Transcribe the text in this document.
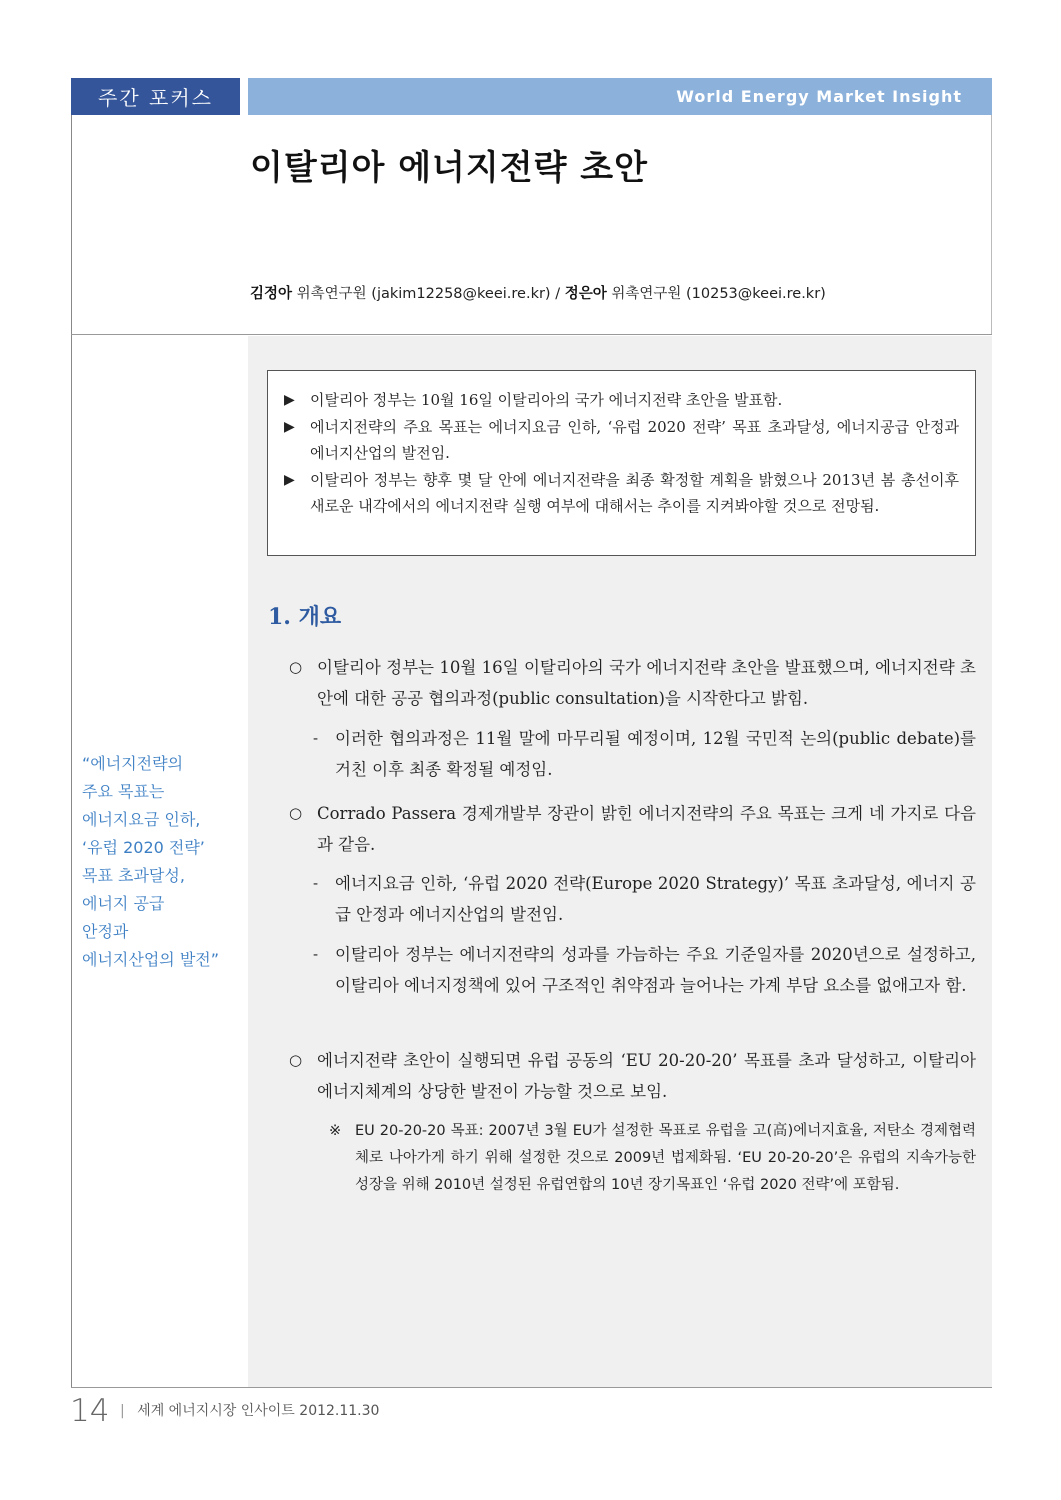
주간 포커스	World Energy Market Insight
이탈리아 에너지전략 초안
김정아 위촉연구원 (jakim12258@keei.re.kr) / 정은아 위촉연구원 (10253@keei.re.kr)
▶	이탈리아 정부는 10월 16일 이탈리아의 국가 에너지전략 초안을 발표함.
▶	에너지전략의 주요 목표는 에너지요금 인하, ‘유럽 2020 전략’ 목표 초과달성, 에너지공급 안정과 에너지산업의 발전임.
▶	이탈리아 정부는 향후 몇 달 안에 에너지전략을 최종 확정할 계획을 밝혔으나 2013년 봄 총선이후 새로운 내각에서의 에너지전략 실행 여부에 대해서는 추이를 지켜봐야할 것으로 전망됨.
“에너지전략의
주요 목표는
에너지요금 인하,
‘유럽 2020 전략’
목표 초과달성,
에너지 공급
안정과
에너지산업의 발전”
1. 개요
○ 이탈리아 정부는 10월 16일 이탈리아의 국가 에너지전략 초안을 발표했으며, 에너지전략 초안에 대한 공공 협의과정(public consultation)을 시작한다고 밝힘.
-	이러한 협의과정은 11월 말에 마무리될 예정이며, 12월 국민적 논의(public debate)를 거친 이후 최종 확정될 예정임.
○ Corrado Passera 경제개발부 장관이 밝힌 에너지전략의 주요 목표는 크게 네 가지로 다음과 같음.
-	에너지요금 인하, ‘유럽 2020 전략(Europe 2020 Strategy)’ 목표 초과달성, 에너지 공급 안정과 에너지산업의 발전임.
-	이탈리아 정부는 에너지전략의 성과를 가늠하는 주요 기준일자를 2020년으로 설정하고, 이탈리아 에너지정책에 있어 구조적인 취약점과 늘어나는 가계 부담 요소를 없애고자 함.
○ 에너지전략 초안이 실행되면 유럽 공동의 ‘EU 20-20-20’ 목표를 초과 달성하고, 이탈리아 에너지체계의 상당한 발전이 가능할 것으로 보임.
※ EU 20-20-20 목표: 2007년 3월 EU가 설정한 목표로 유럽을 고(高)에너지효율, 저탄소 경제협력체로 나아가게 하기 위해 설정한 것으로 2009년 법제화됨. ‘EU 20-20-20’은 유럽의 지속가능한 성장을 위해 2010년 설정된 유럽연합의 10년 장기목표인 ‘유럽 2020 전략’에 포함됨.
14 | 세계 에너지시장 인사이트 2012.11.30
